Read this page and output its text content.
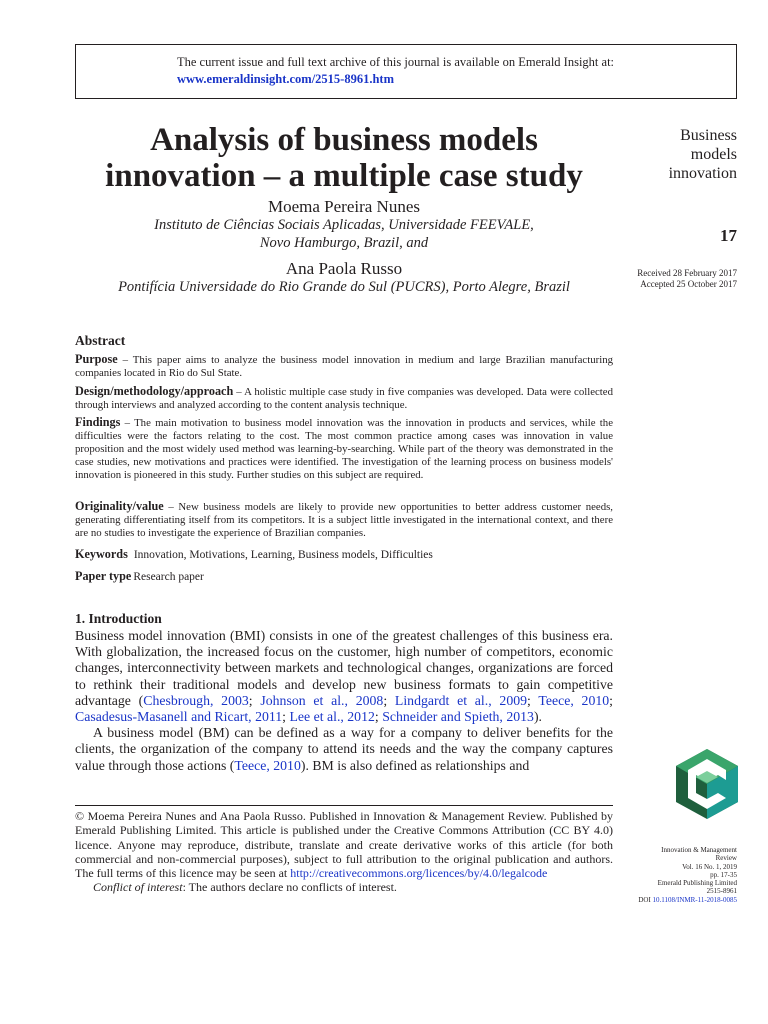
The current issue and full text archive of this journal is available on Emerald Insight at:
www.emeraldinsight.com/2515-8961.htm
Analysis of business models
innovation – a multiple case study
Moema Pereira Nunes
Instituto de Ciências Sociais Aplicadas, Universidade FEEVALE,
Novo Hamburgo, Brazil, and
Ana Paola Russo
Pontifícia Universidade do Rio Grande do Sul (PUCRS), Porto Alegre, Brazil
Business
models
innovation
17
Received 28 February 2017
Accepted 25 October 2017
Abstract
Purpose – This paper aims to analyze the business model innovation in medium and large Brazilian manufacturing companies located in Rio do Sul State.
Design/methodology/approach – A holistic multiple case study in five companies was developed. Data were collected through interviews and analyzed according to the content analysis technique.
Findings – The main motivation to business model innovation was the innovation in products and services, while the difficulties were the factors relating to the cost. The most common practice among cases was innovation in value proposition and the most widely used method was learning-by-searching. While part of the theory was demonstrated in the case studies, new motivations and practices were identified. The investigation of the learning process on business models' innovation is pioneered in this study. Further studies on this subject are required.
Originality/value – New business models are likely to provide new opportunities to better address customer needs, generating differentiating itself from its competitors. It is a subject little investigated in the international context, and there are no studies to investigate the experience of Brazilian companies.
Keywords Innovation, Motivations, Learning, Business models, Difficulties
Paper type Research paper
1. Introduction

Business model innovation (BMI) consists in one of the greatest challenges of this business era. With globalization, the increased focus on the customer, high number of competitors, economic changes, interconnectivity between markets and technological changes, organizations are forced to rethink their traditional models and develop new business formats to gain competitive advantage (Chesbrough, 2003; Johnson et al., 2008; Lindgardt et al., 2009; Teece, 2010; Casadesus-Masanell and Ricart, 2011; Lee et al., 2012; Schneider and Spieth, 2013).

A business model (BM) can be defined as a way for a company to deliver benefits for the clients, the organization of the company to attend its needs and the way the company captures value through those actions (Teece, 2010). BM is also defined as relationships and

© Moema Pereira Nunes and Ana Paola Russo. Published in Innovation & Management Review. Published by Emerald Publishing Limited. This article is published under the Creative Commons Attribution (CC BY 4.0) licence. Anyone may reproduce, distribute, translate and create derivative works of this article (for both commercial and non-commercial purposes), subject to full attribution to the original publication and authors. The full terms of this licence may be seen at http://creativecommons.org/licences/by/4.0/legalcode

Conflict of interest: The authors declare no conflicts of interest.

Innovation & Management
Review
Vol. 16 No. 1, 2019
pp. 17-35
Emerald Publishing Limited
2515-8961
DOI 10.1108/INMR-11-2018-0085
